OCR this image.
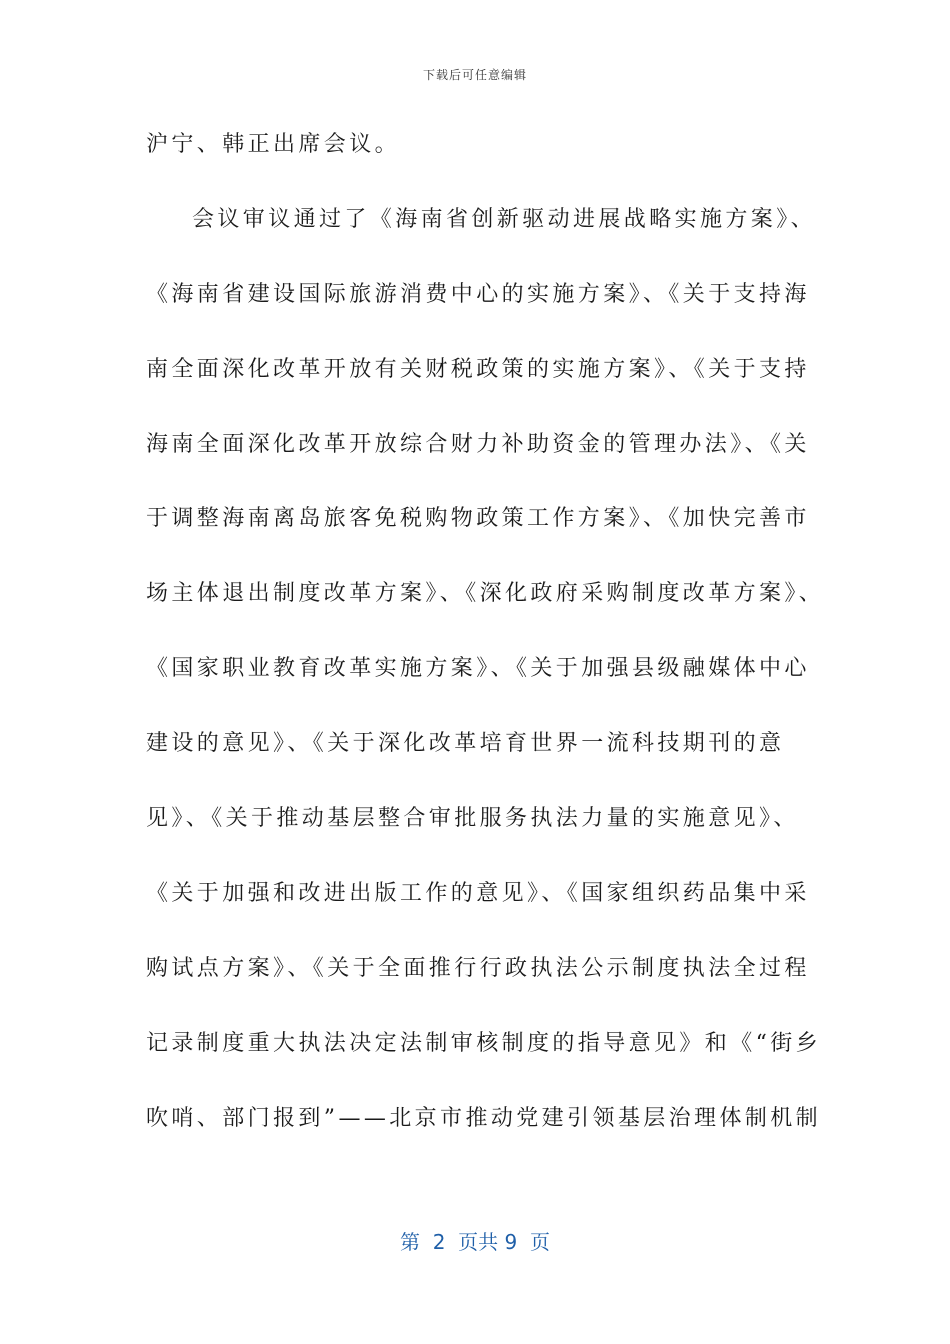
下载后可任意编辑
沪宁、韩正出席会议。
会议审议通过了《海南省创新驱动进展战略实施方案》、
《海南省建设国际旅游消费中心的实施方案》、《关于支持海
南全面深化改革开放有关财税政策的实施方案》、《关于支持
海南全面深化改革开放综合财力补助资金的管理办法》、《关
于调整海南离岛旅客免税购物政策工作方案》、《加快完善市
场主体退出制度改革方案》、《深化政府采购制度改革方案》、
《国家职业教育改革实施方案》、《关于加强县级融媒体中心
建设的意见》、《关于深化改革培育世界一流科技期刊的意
见》、《关于推动基层整合审批服务执法力量的实施意见》、
《关于加强和改进出版工作的意见》、《国家组织药品集中采
购试点方案》、《关于全面推行行政执法公示制度执法全过程
记录制度重大执法决定法制审核制度的指导意见》和《“街乡
吹哨、部门报到”——北京市推动党建引领基层治理体制机制
第  2  页共 9  页
